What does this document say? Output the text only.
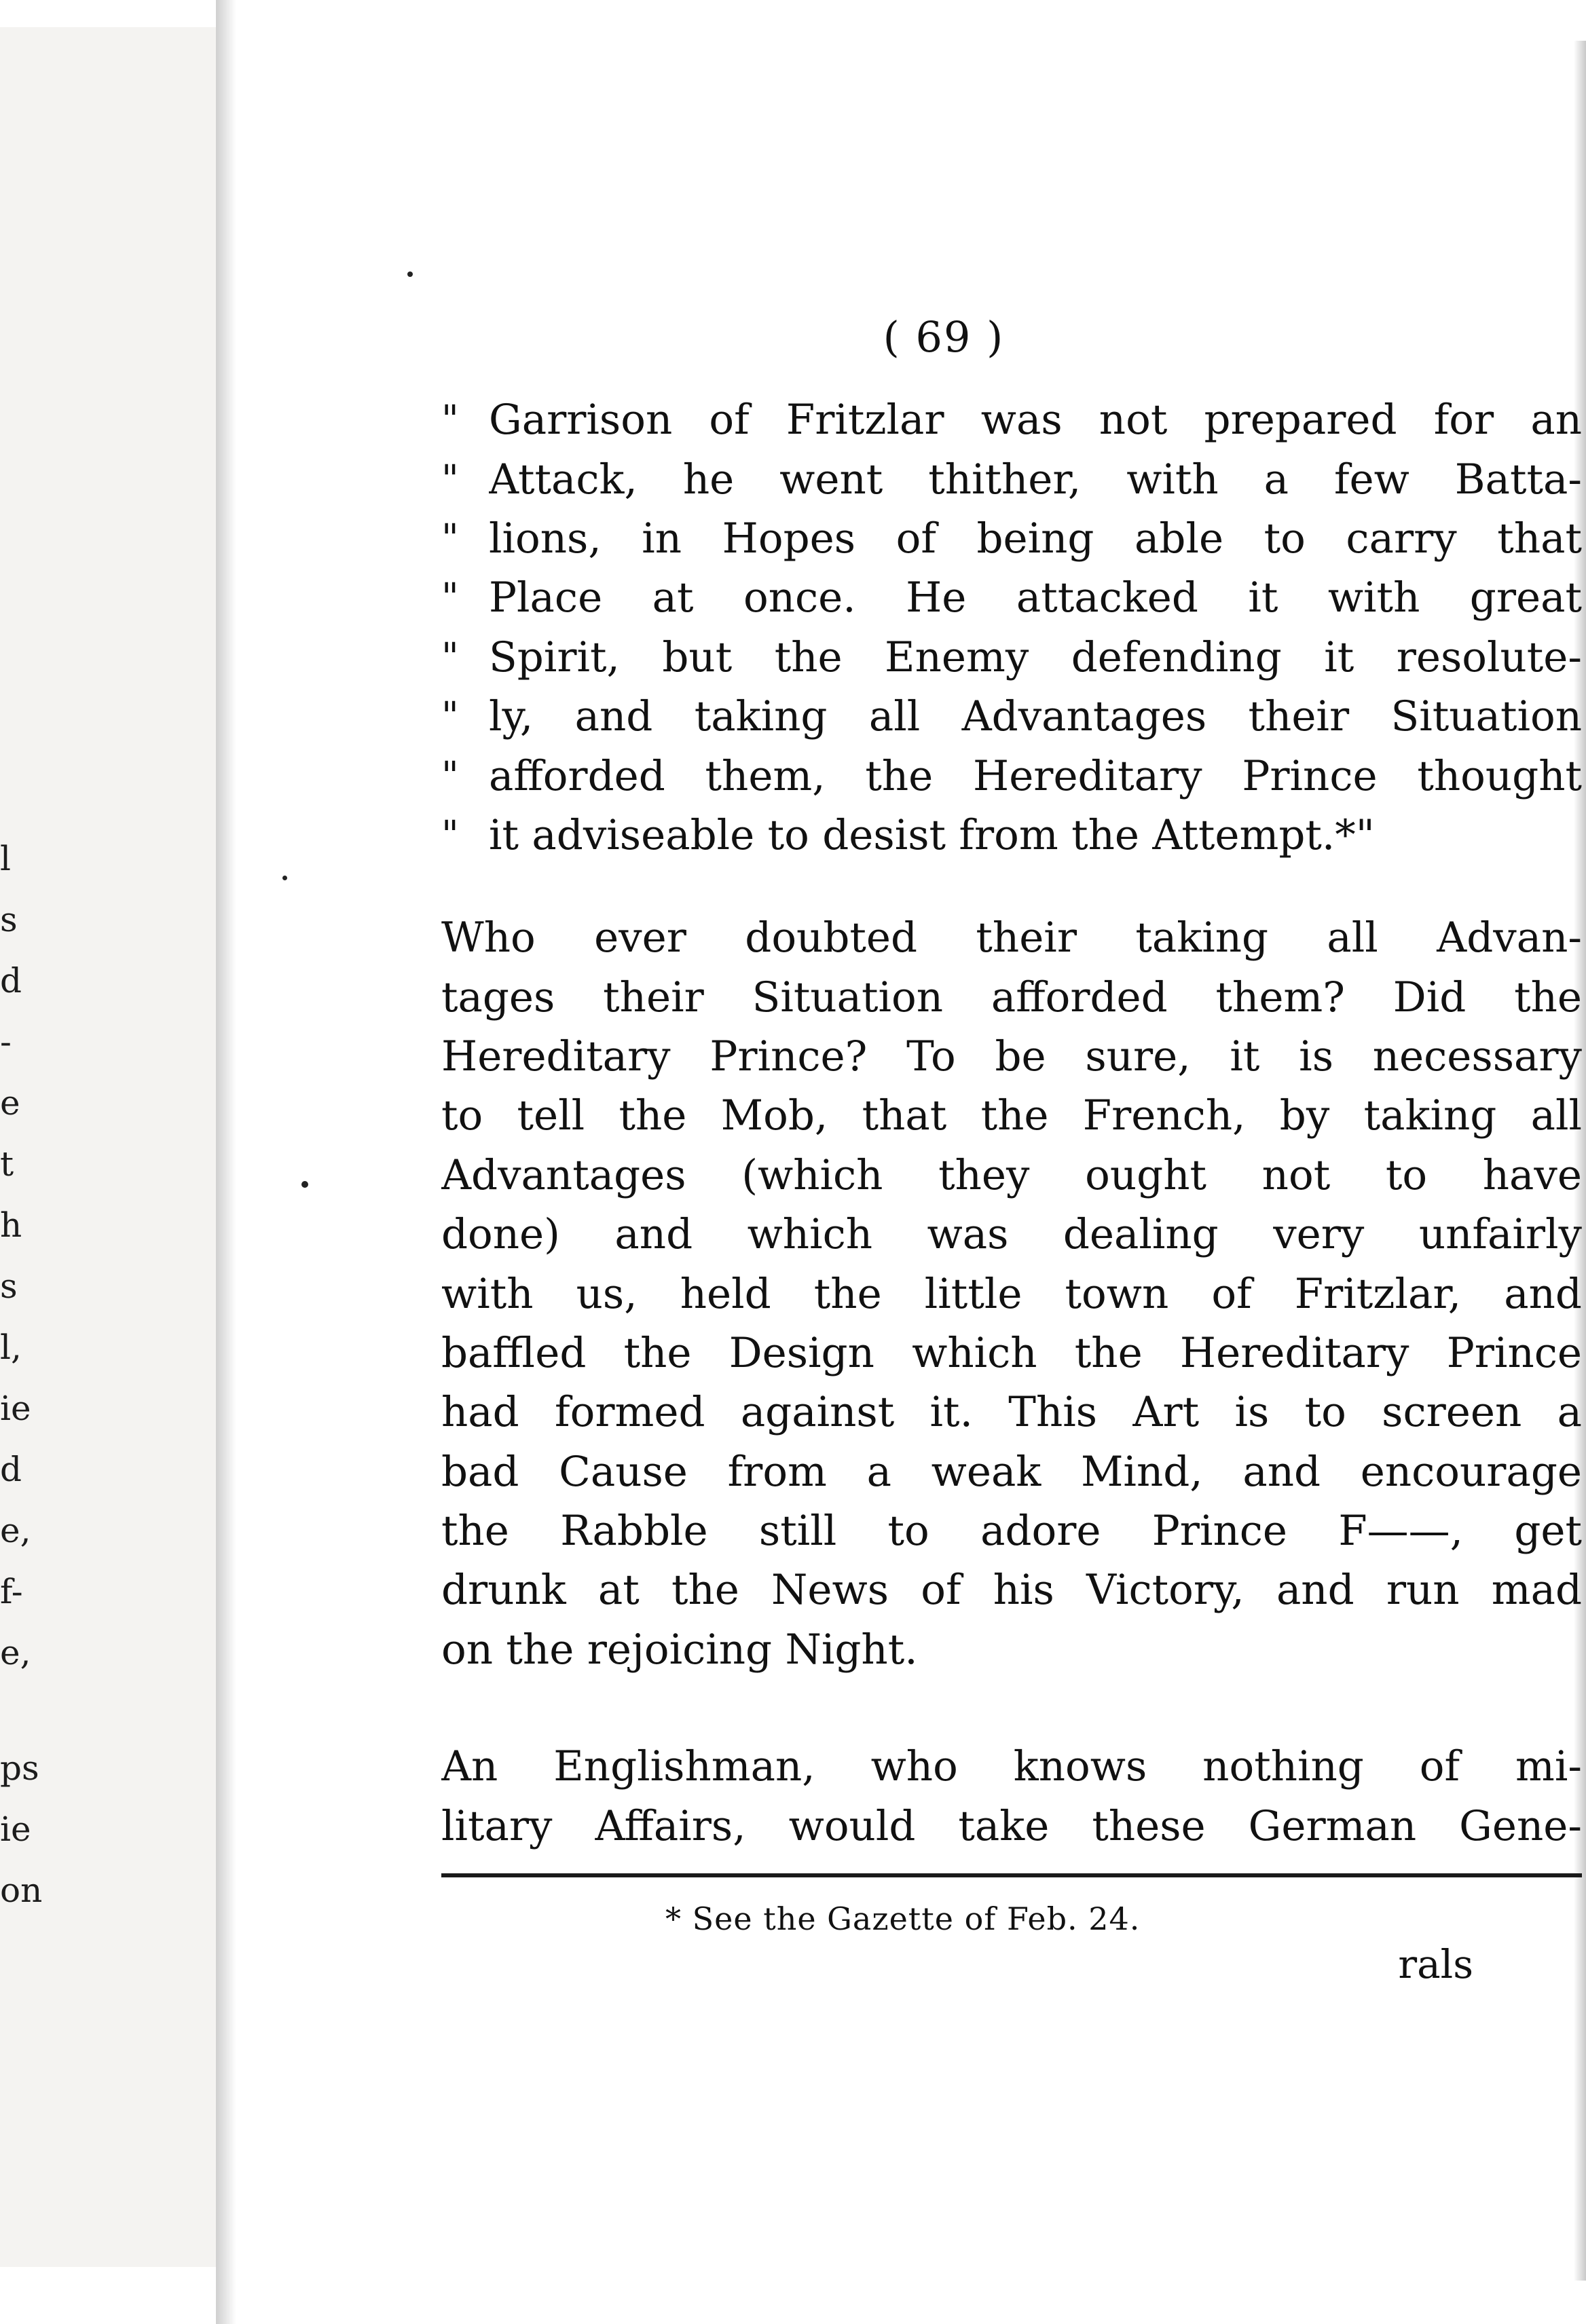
l
s
d
-
e
t
h
s
l,
ie
d
e,
f-
e,
ps
ie
on
( 69 )
" Garrison of Fritzlar was not prepared for an
" Attack, he went thither, with a few Batta-
" lions, in Hopes of being able to carry that
" Place at once. He attacked it with great
" Spirit, but the Enemy defending it resolute-
" ly, and taking all Advantages their Situation
" afforded them, the Hereditary Prince thought
" it adviseable to desist from the Attempt.*"
Who ever doubted their taking all Advan-
tages their Situation afforded them? Did the
Hereditary Prince? To be sure, it is necessary
to tell the Mob, that the French, by taking all
Advantages (which they ought not to have
done) and which was dealing very unfairly
with us, held the little town of Fritzlar, and
baffled the Design which the Hereditary Prince
had formed against it. This Art is to screen a
bad Cause from a weak Mind, and encourage
the Rabble still to adore Prince F——, get
drunk at the News of his Victory, and run mad
on the rejoicing Night.
An Englishman, who knows nothing of mi-
litary Affairs, would take these German Gene-
* See the Gazette of Feb. 24.
rals
